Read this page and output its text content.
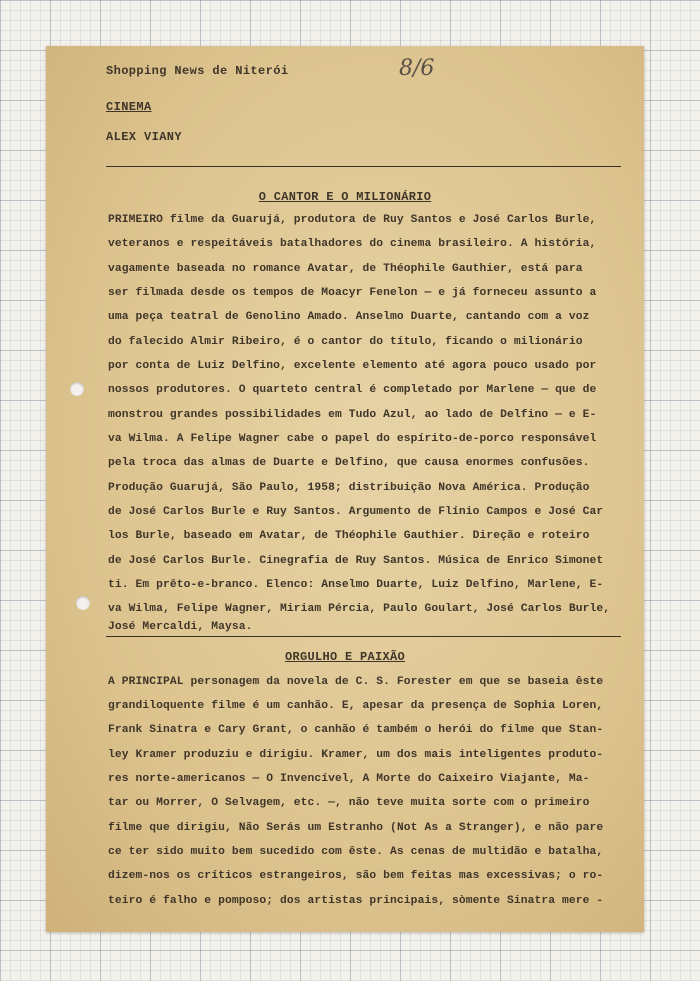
8/6
Shopping News de Niterói
CINEMA
ALEX VIANY
O CANTOR E O MILIONÁRIO
PRIMEIRO filme da Guarujá, produtora de Ruy Santos e José Carlos Burle,
veteranos e respeitáveis batalhadores do cinema brasileiro. A história,
vagamente baseada no romance Avatar, de Théophile Gauthier, está para
ser filmada desde os tempos de Moacyr Fenelon — e já forneceu assunto a
uma peça teatral de Genolino Amado. Anselmo Duarte, cantando com a voz
do falecido Almir Ribeiro, é o cantor do título, ficando o milionário
por conta de Luiz Delfino, excelente elemento até agora pouco usado por
nossos produtores. O quarteto central é completado por Marlene — que de
monstrou grandes possibilidades em Tudo Azul, ao lado de Delfino — e E-
va Wilma. A Felipe Wagner cabe o papel do espírito-de-porco responsável
pela troca das almas de Duarte e Delfino, que causa enormes confusões.
Produção Guarujá, São Paulo, 1958; distribuição Nova América. Produção
de José Carlos Burle e Ruy Santos. Argumento de Flínio Campos e José Car
los Burle, baseado em Avatar, de Théophile Gauthier. Direção e roteiro
de José Carlos Burle. Cinegrafia de Ruy Santos. Música de Enrico Simonet
ti. Em prêto-e-branco. Elenco: Anselmo Duarte, Luiz Delfino, Marlene, E-
va Wilma, Felipe Wagner, Miriam Pércia, Paulo Goulart, José Carlos Burle,
José Mercaldi, Maysa.
ORGULHO E PAIXÃO
A PRINCIPAL personagem da novela de C. S. Forester em que se baseia êste
grandiloquente filme é um canhão. E, apesar da presença de Sophia Loren,
Frank Sinatra e Cary Grant, o canhão é também o herói do filme que Stan-
ley Kramer produziu e dirigiu. Kramer, um dos mais inteligentes produto-
res norte-americanos — O Invencível, A Morte do Caixeiro Viajante, Ma-
tar ou Morrer, O Selvagem, etc. —, não teve muita sorte com o primeiro
filme que dirigiu, Não Serás um Estranho (Not As a Stranger), e não pare
ce ter sido muito bem sucedido com êste. As cenas de multidão e batalha,
dizem-nos os críticos estrangeiros, são bem feitas mas excessivas; o ro-
teiro é falho e pomposo; dos artistas principais, sòmente Sinatra mere -
